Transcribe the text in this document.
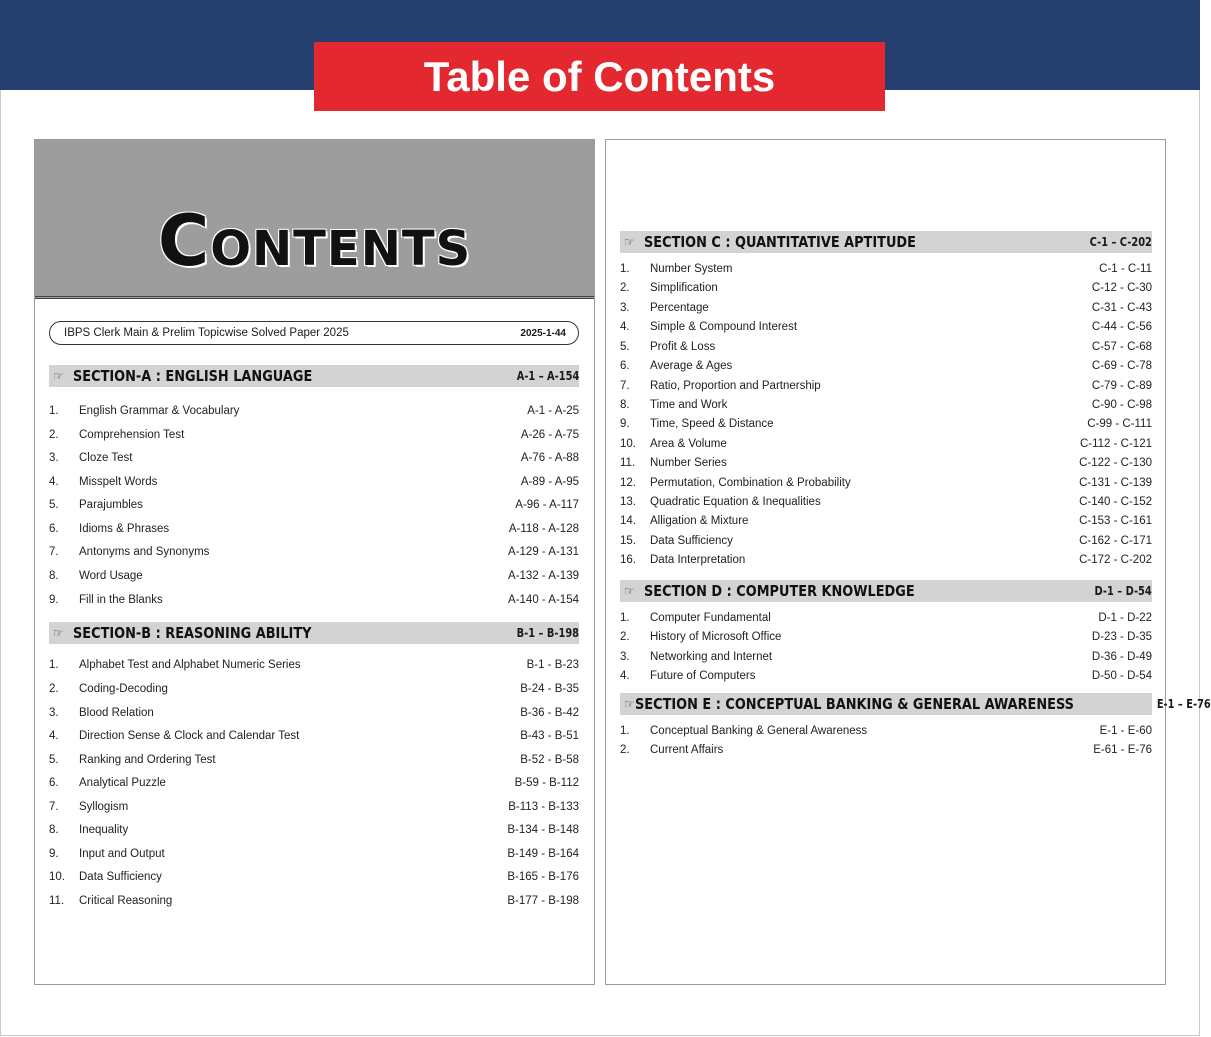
Table of Contents
CONTENTS
IBPS Clerk Main & Prelim Topicwise Solved Paper 2025	2025-1-44
☞ SECTION-A : ENGLISH LANGUAGE	A-1 – A-154
1.	English Grammar & Vocabulary	A-1 - A-25
2.	Comprehension Test	A-26 - A-75
3.	Cloze Test	A-76 - A-88
4.	Misspelt Words	A-89 - A-95
5.	Parajumbles	A-96 - A-117
6.	Idioms & Phrases	A-118 - A-128
7.	Antonyms and Synonyms	A-129 - A-131
8.	Word Usage	A-132 - A-139
9.	Fill in the Blanks	A-140 - A-154
☞ SECTION-B : REASONING ABILITY	B-1 – B-198
1.	Alphabet Test and Alphabet Numeric Series	B-1 - B-23
2.	Coding-Decoding	B-24 - B-35
3.	Blood Relation	B-36 - B-42
4.	Direction Sense & Clock and Calendar Test	B-43 - B-51
5.	Ranking and Ordering Test	B-52 - B-58
6.	Analytical Puzzle	B-59 - B-112
7.	Syllogism	B-113 - B-133
8.	Inequality	B-134 - B-148
9.	Input and Output	B-149 - B-164
10.	Data Sufficiency	B-165 - B-176
11.	Critical Reasoning	B-177 - B-198
☞ SECTION C : QUANTITATIVE APTITUDE	C-1 – C-202
1.	Number System	C-1 - C-11
2.	Simplification	C-12 - C-30
3.	Percentage	C-31 - C-43
4.	Simple & Compound Interest	C-44 - C-56
5.	Profit & Loss	C-57 - C-68
6.	Average & Ages	C-69 - C-78
7.	Ratio, Proportion and Partnership	C-79 - C-89
8.	Time and Work	C-90 - C-98
9.	Time, Speed & Distance	C-99 - C-111
10.	Area & Volume	C-112 - C-121
11.	Number Series	C-122 - C-130
12.	Permutation, Combination & Probability	C-131 - C-139
13.	Quadratic Equation & Inequalities	C-140 - C-152
14.	Alligation & Mixture	C-153 - C-161
15.	Data Sufficiency	C-162 - C-171
16.	Data Interpretation	C-172 - C-202
☞ SECTION D : COMPUTER KNOWLEDGE	D-1 – D-54
1.	Computer Fundamental	D-1 - D-22
2.	History of Microsoft Office	D-23 - D-35
3.	Networking and Internet	D-36 - D-49
4.	Future of Computers	D-50 - D-54
☞ SECTION E : CONCEPTUAL BANKING & GENERAL AWARENESS	E-1 – E-76
1.	Conceptual Banking & General Awareness	E-1 - E-60
2.	Current Affairs	E-61 - E-76
